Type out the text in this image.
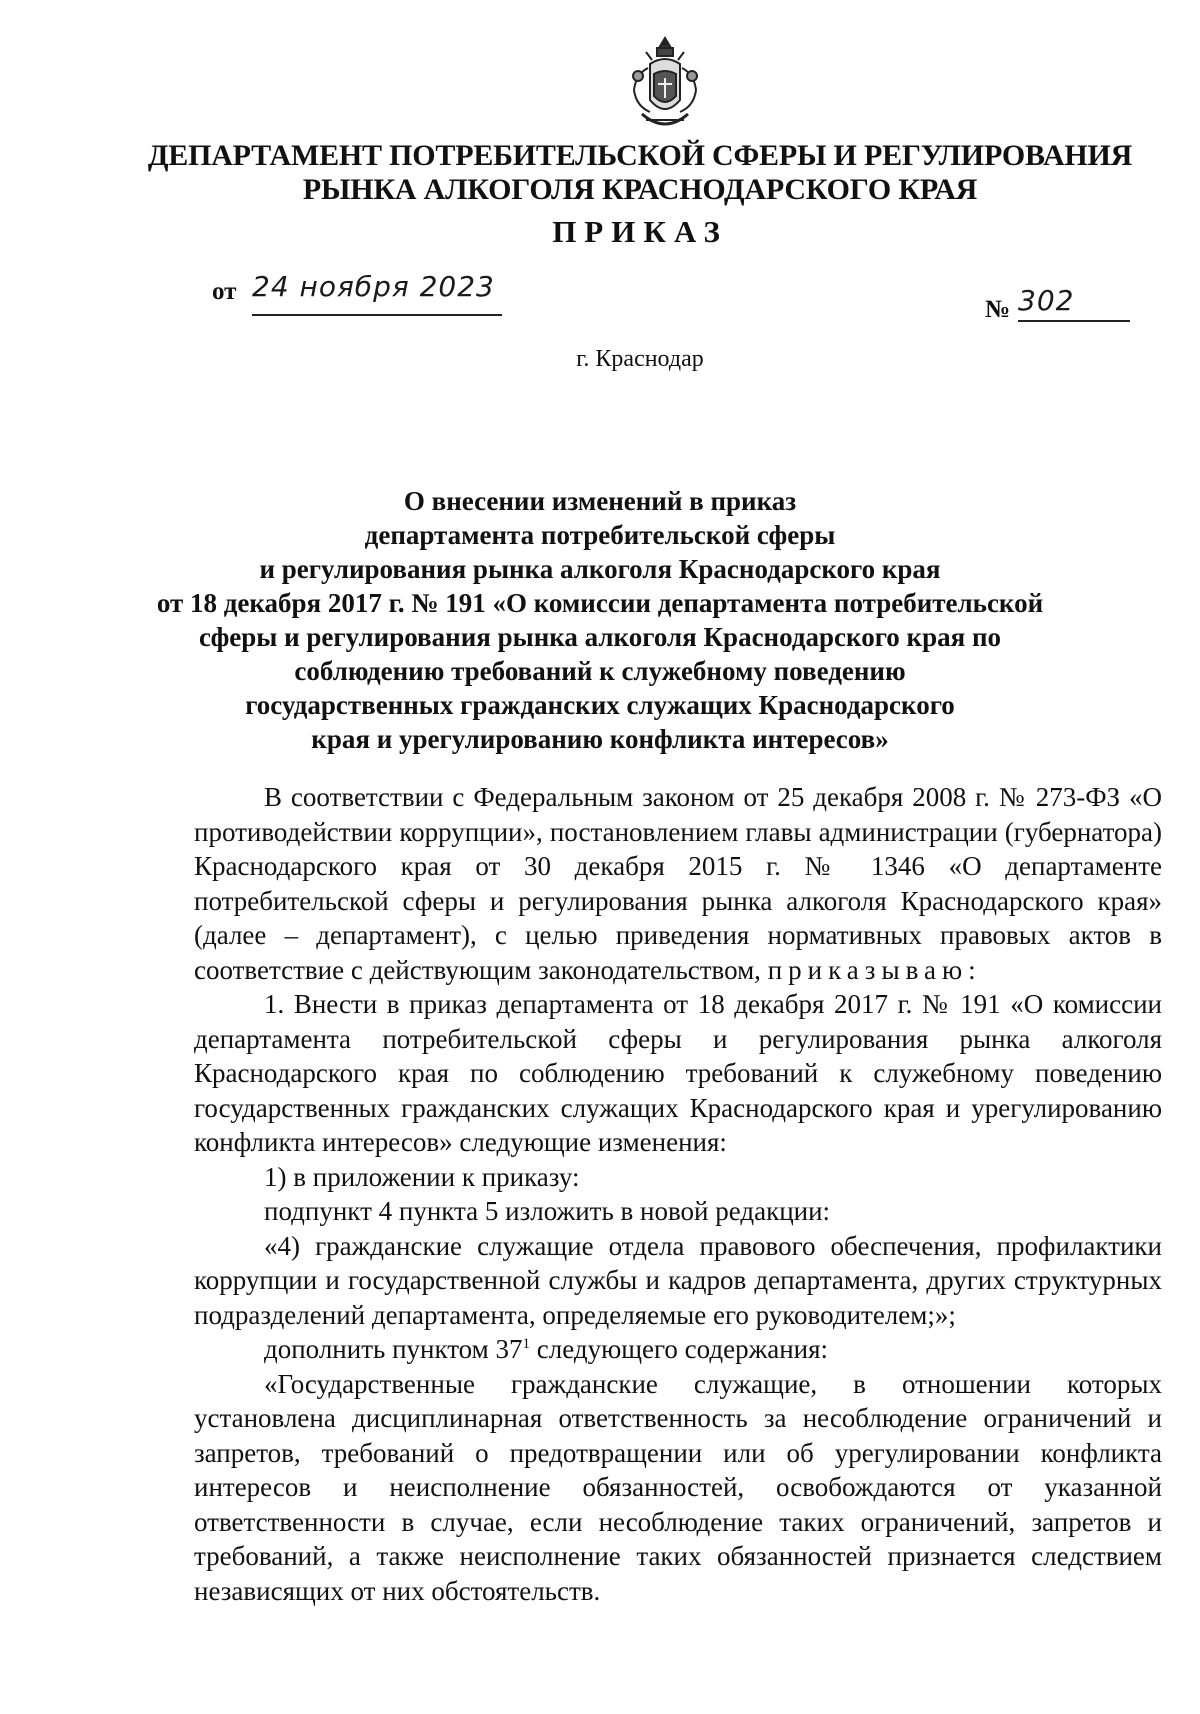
ДЕПАРТАМЕНТ ПОТРЕБИТЕЛЬСКОЙ СФЕРЫ И РЕГУЛИРОВАНИЯ
РЫНКА АЛКОГОЛЯ КРАСНОДАРСКОГО КРАЯ
ПРИКАЗ
от 24 ноября 2023
№ 302
г. Краснодар
О внесении изменений в приказ
департамента потребительской сферы
и регулирования рынка алкоголя Краснодарского края
от 18 декабря 2017 г. № 191 «О комиссии департамента потребительской
сферы и регулирования рынка алкоголя Краснодарского края по
соблюдению требований к служебному поведению
государственных гражданских служащих Краснодарского
края и урегулированию конфликта интересов»

В соответствии с Федеральным законом от 25 декабря 2008 г. № 273-ФЗ «О противодействии коррупции», постановлением главы администрации (губернатора) Краснодарского края от 30 декабря 2015 г. № 1346 «О департаменте потребительской сферы и регулирования рынка алкоголя Краснодарского края» (далее – департамент), с целью приведения нормативных правовых актов в соответствие с действующим законодательством, приказываю:

1. Внести в приказ департамента от 18 декабря 2017 г. № 191 «О комиссии департамента потребительской сферы и регулирования рынка алкоголя Краснодарского края по соблюдению требований к служебному поведению государственных гражданских служащих Краснодарского края и урегулированию конфликта интересов» следующие изменения:

1) в приложении к приказу:

подпункт 4 пункта 5 изложить в новой редакции:

«4) гражданские служащие отдела правового обеспечения, профилактики коррупции и государственной службы и кадров департамента, других структурных подразделений департамента, определяемые его руководителем;»;

дополнить пунктом $37^1$ следующего содержания:

«Государственные гражданские служащие, в отношении которых установлена дисциплинарная ответственность за несоблюдение ограничений и запретов, требований о предотвращении или об урегулировании конфликта интересов и неисполнение обязанностей, освобождаются от указанной ответственности в случае, если несоблюдение таких ограничений, запретов и требований, а также неисполнение таких обязанностей признается следствием независящих от них обстоятельств.
